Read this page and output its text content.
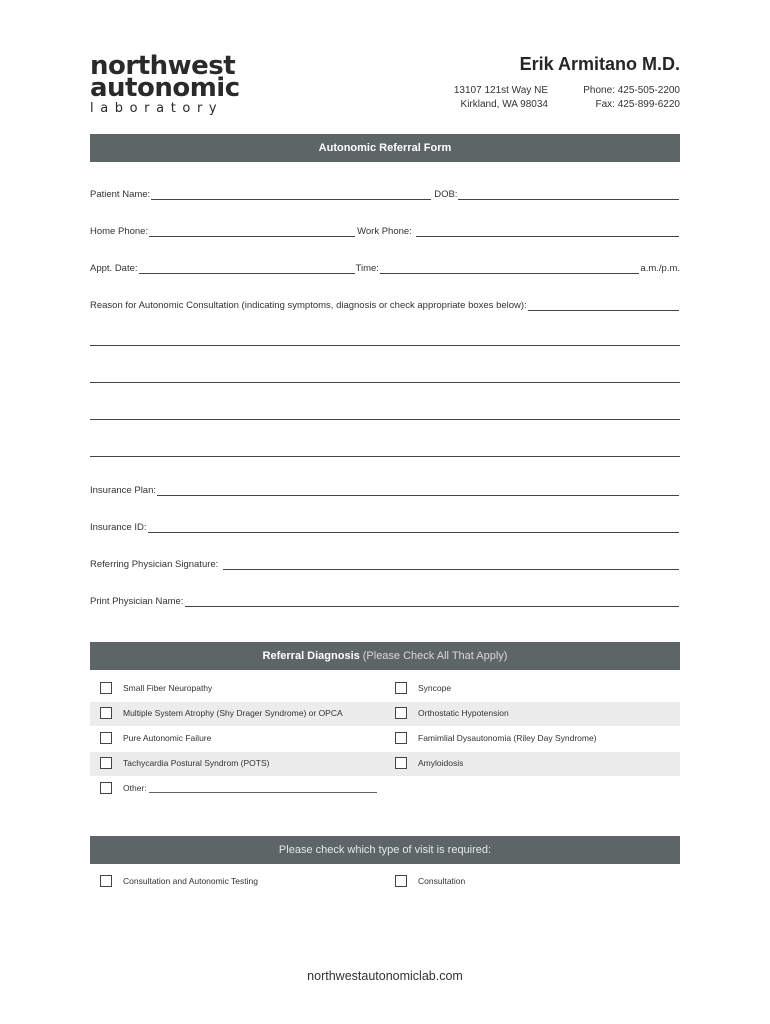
northwest
autonomic
laboratory
Erik Armitano M.D.
13107 121st Way NE
Kirkland, WA 98034
Phone: 425-505-2200
Fax: 425-899-6220
Autonomic Referral Form
Patient Name:	DOB:
Home Phone:	Work Phone:
Appt. Date:	Time:	a.m./p.m.
Reason for Autonomic Consultation (indicating symptoms, diagnosis or check appropriate boxes below):
Insurance Plan:
Insurance ID:
Referring Physician Signature:
Print Physician Name:
Referral Diagnosis (Please Check All That Apply)
Small Fiber Neuropathy	Syncope
Multiple System Atrophy (Shy Drager Syndrome) or OPCA	Orthostatic Hypotension
Pure Autonomic Failure	Famimlial Dysautonomia (Riley Day Syndrome)
Tachycardia Postural Syndrom (POTS)	Amyloidosis
Other:
Please check which type of visit is required:
Consultation and Autonomic Testing	Consultation
northwestautonomiclab.com
